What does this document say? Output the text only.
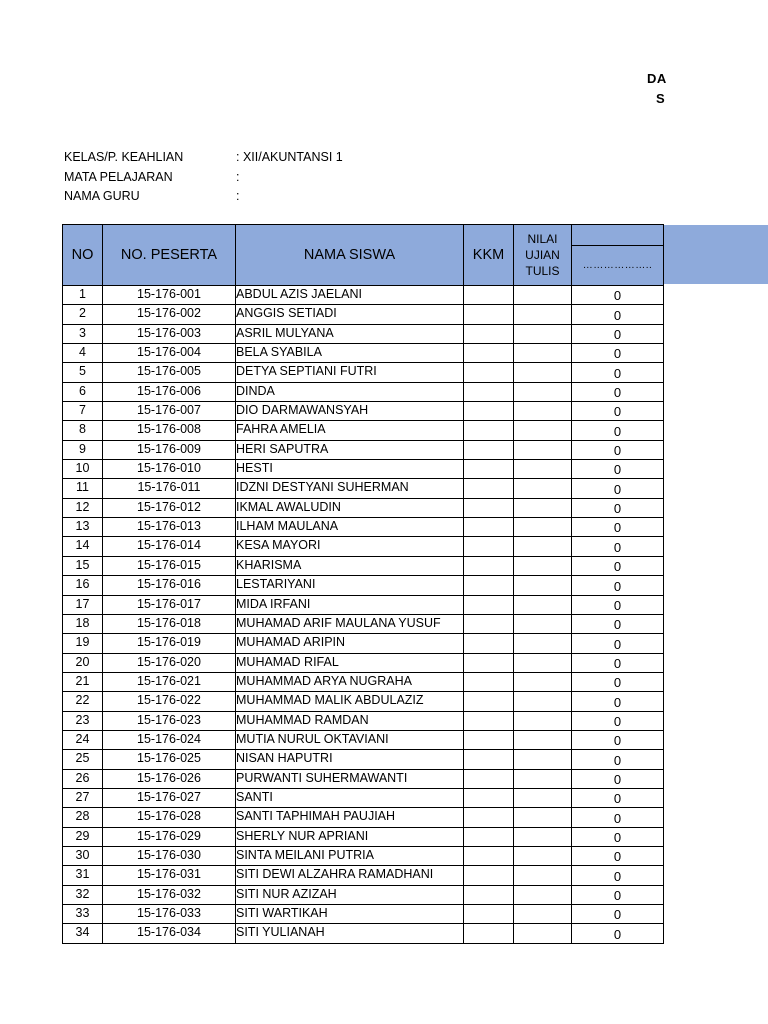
DA
S
KELAS/P. KEAHLIAN	: XII/AKUNTANSI 1
MATA PELAJARAN	:
NAMA GURU	:
NO	NO. PESERTA	NAMA SISWA	KKM	NILAI
UJIAN
TULIS	

					………………..
1	15-176-001	ABDUL AZIS JAELANI			0
2	15-176-002	ANGGIS SETIADI			0
3	15-176-003	ASRIL MULYANA			0
4	15-176-004	BELA SYABILA			0
5	15-176-005	DETYA SEPTIANI FUTRI			0
6	15-176-006	DINDA			0
7	15-176-007	DIO DARMAWANSYAH			0
8	15-176-008	FAHRA AMELIA			0
9	15-176-009	HERI SAPUTRA			0
10	15-176-010	HESTI			0
11	15-176-011	IDZNI DESTYANI SUHERMAN			0
12	15-176-012	IKMAL AWALUDIN			0
13	15-176-013	ILHAM MAULANA			0
14	15-176-014	KESA MAYORI			0
15	15-176-015	KHARISMA			0
16	15-176-016	LESTARIYANI			0
17	15-176-017	MIDA IRFANI			0
18	15-176-018	MUHAMAD ARIF MAULANA YUSUF			0
19	15-176-019	MUHAMAD ARIPIN			0
20	15-176-020	MUHAMAD RIFAL			0
21	15-176-021	MUHAMMAD ARYA NUGRAHA			0
22	15-176-022	MUHAMMAD MALIK ABDULAZIZ			0
23	15-176-023	MUHAMMAD RAMDAN			0
24	15-176-024	MUTIA NURUL OKTAVIANI			0
25	15-176-025	NISAN HAPUTRI			0
26	15-176-026	PURWANTI SUHERMAWANTI			0
27	15-176-027	SANTI			0
28	15-176-028	SANTI TAPHIMAH PAUJIAH			0
29	15-176-029	SHERLY NUR APRIANI			0
30	15-176-030	SINTA MEILANI PUTRIA			0
31	15-176-031	SITI DEWI ALZAHRA RAMADHANI			0
32	15-176-032	SITI NUR AZIZAH			0
33	15-176-033	SITI WARTIKAH			0
34	15-176-034	SITI YULIANAH			0
